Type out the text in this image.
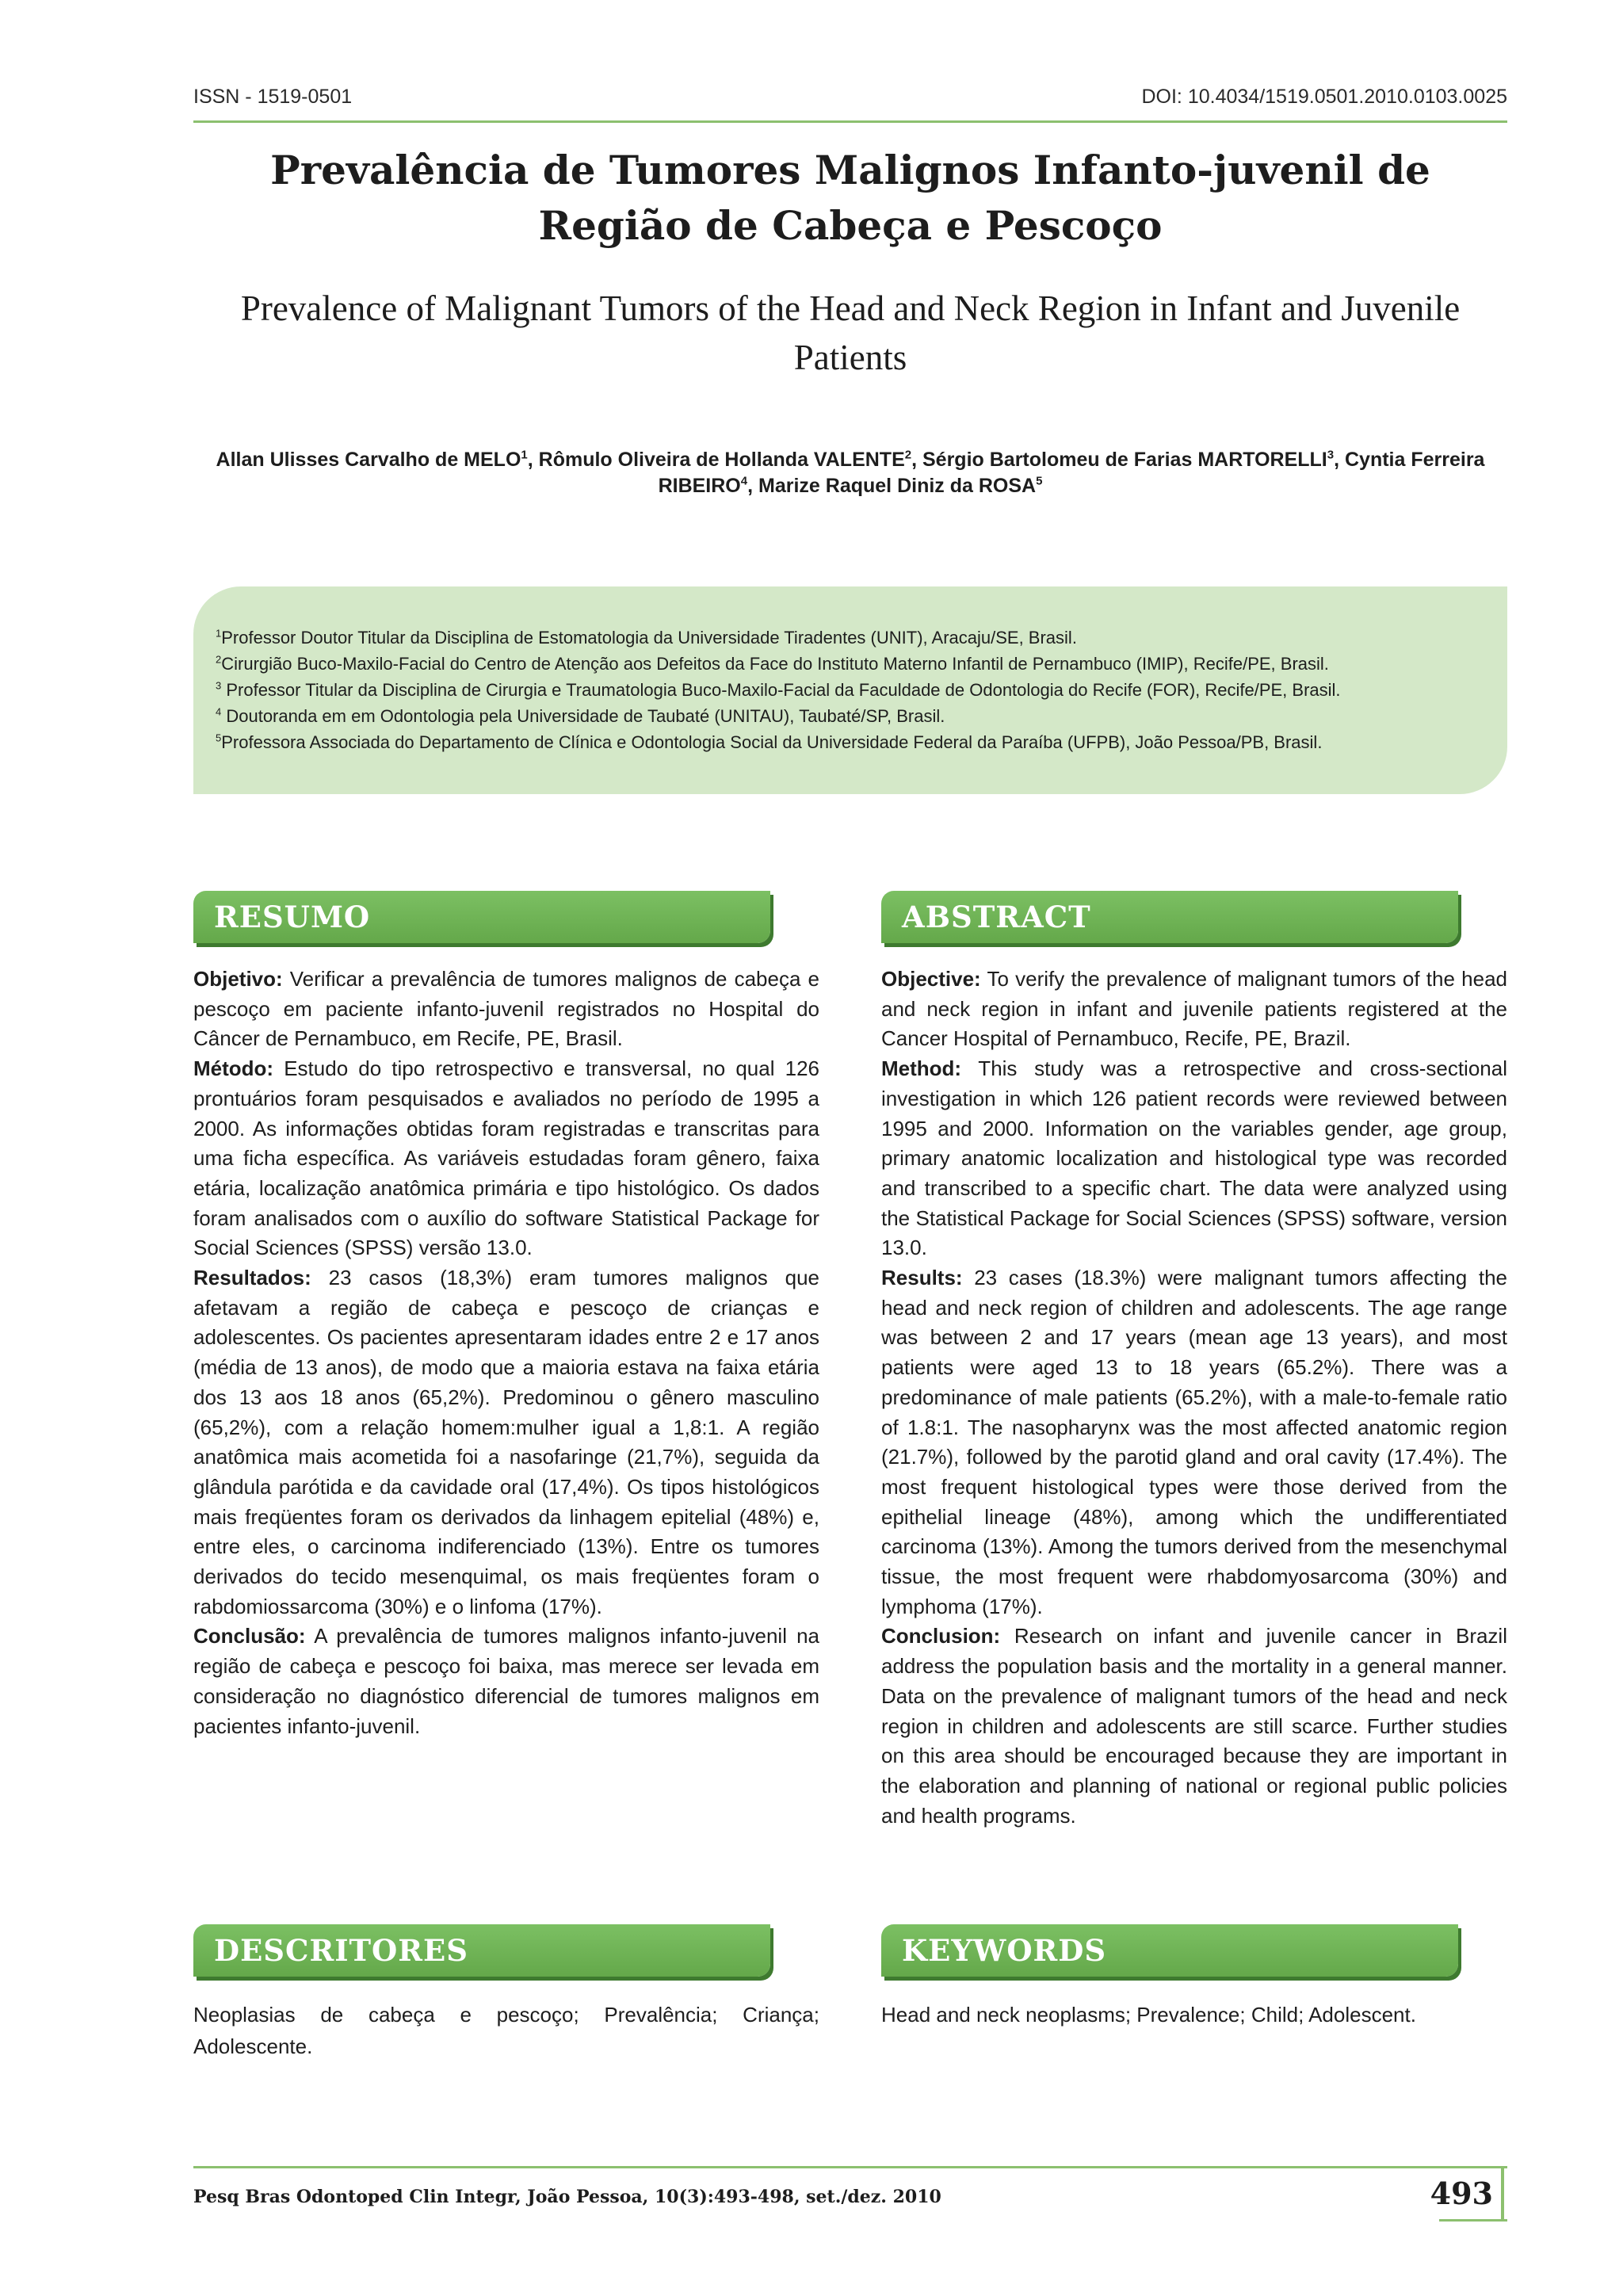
ISSN - 1519-0501	DOI: 10.4034/1519.0501.2010.0103.0025
Prevalência de Tumores Malignos Infanto-juvenil de Região de Cabeça e Pescoço
Prevalence of Malignant Tumors of the Head and Neck Region in Infant and Juvenile Patients
Allan Ulisses Carvalho de MELO$^1$, Rômulo Oliveira de Hollanda VALENTE$^2$, Sérgio Bartolomeu de Farias MARTORELLI$^3$, Cyntia Ferreira RIBEIRO$^4$, Marize Raquel Diniz da ROSA$^5$
$^1$Professor Doutor Titular da Disciplina de Estomatologia da Universidade Tiradentes (UNIT), Aracaju/SE, Brasil.
$^2$Cirurgião Buco-Maxilo-Facial do Centro de Atenção aos Defeitos da Face do Instituto Materno Infantil de Pernambuco (IMIP), Recife/PE, Brasil.
$^3$ Professor Titular da Disciplina de Cirurgia e Traumatologia Buco-Maxilo-Facial da Faculdade de Odontologia do Recife (FOR), Recife/PE, Brasil.
$^4$ Doutoranda em em Odontologia pela Universidade de Taubaté (UNITAU), Taubaté/SP, Brasil.
$^5$Professora Associada do Departamento de Clínica e Odontologia Social da Universidade Federal da Paraíba (UFPB), João Pessoa/PB, Brasil.
RESUMO

Objetivo: Verificar a prevalência de tumores malignos de cabeça e pescoço em paciente infanto-juvenil registrados no Hospital do Câncer de Pernambuco, em Recife, PE, Brasil.

Método: Estudo do tipo retrospectivo e transversal, no qual 126 prontuários foram pesquisados e avaliados no período de 1995 a 2000. As informações obtidas foram registradas e transcritas para uma ficha específica. As variáveis estudadas foram gênero, faixa etária, localização anatômica primária e tipo histológico. Os dados foram analisados com o auxílio do software Statistical Package for Social Sciences (SPSS) versão 13.0.

Resultados: 23 casos (18,3%) eram tumores malignos que afetavam a região de cabeça e pescoço de crianças e adolescentes. Os pacientes apresentaram idades entre 2 e 17 anos (média de 13 anos), de modo que a maioria estava na faixa etária dos 13 aos 18 anos (65,2%). Predominou o gênero masculino (65,2%), com a relação homem:mulher igual a 1,8:1. A região anatômica mais acometida foi a nasofaringe (21,7%), seguida da glândula parótida e da cavidade oral (17,4%). Os tipos histológicos mais freqüentes foram os derivados da linhagem epitelial (48%) e, entre eles, o carcinoma indiferenciado (13%). Entre os tumores derivados do tecido mesenquimal, os mais freqüentes foram o rabdomiossarcoma (30%) e o linfoma (17%).

Conclusão: A prevalência de tumores malignos infanto-juvenil na região de cabeça e pescoço foi baixa, mas merece ser levada em consideração no diagnóstico diferencial de tumores malignos em pacientes infanto-juvenil.

ABSTRACT

Objective: To verify the prevalence of malignant tumors of the head and neck region in infant and juvenile patients registered at the Cancer Hospital of Pernambuco, Recife, PE, Brazil.

Method: This study was a retrospective and cross-sectional investigation in which 126 patient records were reviewed between 1995 and 2000. Information on the variables gender, age group, primary anatomic localization and histological type was recorded and transcribed to a specific chart. The data were analyzed using the Statistical Package for Social Sciences (SPSS) software, version 13.0.

Results: 23 cases (18.3%) were malignant tumors affecting the head and neck region of children and adolescents. The age range was between 2 and 17 years (mean age 13 years), and most patients were aged 13 to 18 years (65.2%). There was a predominance of male patients (65.2%), with a male-to-female ratio of 1.8:1. The nasopharynx was the most affected anatomic region (21.7%), followed by the parotid gland and oral cavity (17.4%). The most frequent histological types were those derived from the epithelial lineage (48%), among which the undifferentiated carcinoma (13%). Among the tumors derived from the mesenchymal tissue, the most frequent were rhabdomyosarcoma (30%) and lymphoma (17%).

Conclusion: Research on infant and juvenile cancer in Brazil address the population basis and the mortality in a general manner. Data on the prevalence of malignant tumors of the head and neck region in children and adolescents are still scarce. Further studies on this area should be encouraged because they are important in the elaboration and planning of national or regional public policies and health programs.

DESCRITORES
Neoplasias de cabeça e pescoço; Prevalência; Criança; Adolescente.
KEYWORDS
Head and neck neoplasms; Prevalence; Child; Adolescent.
Pesq Bras Odontoped Clin Integr, João Pessoa, 10(3):493-498, set./dez. 2010	493
